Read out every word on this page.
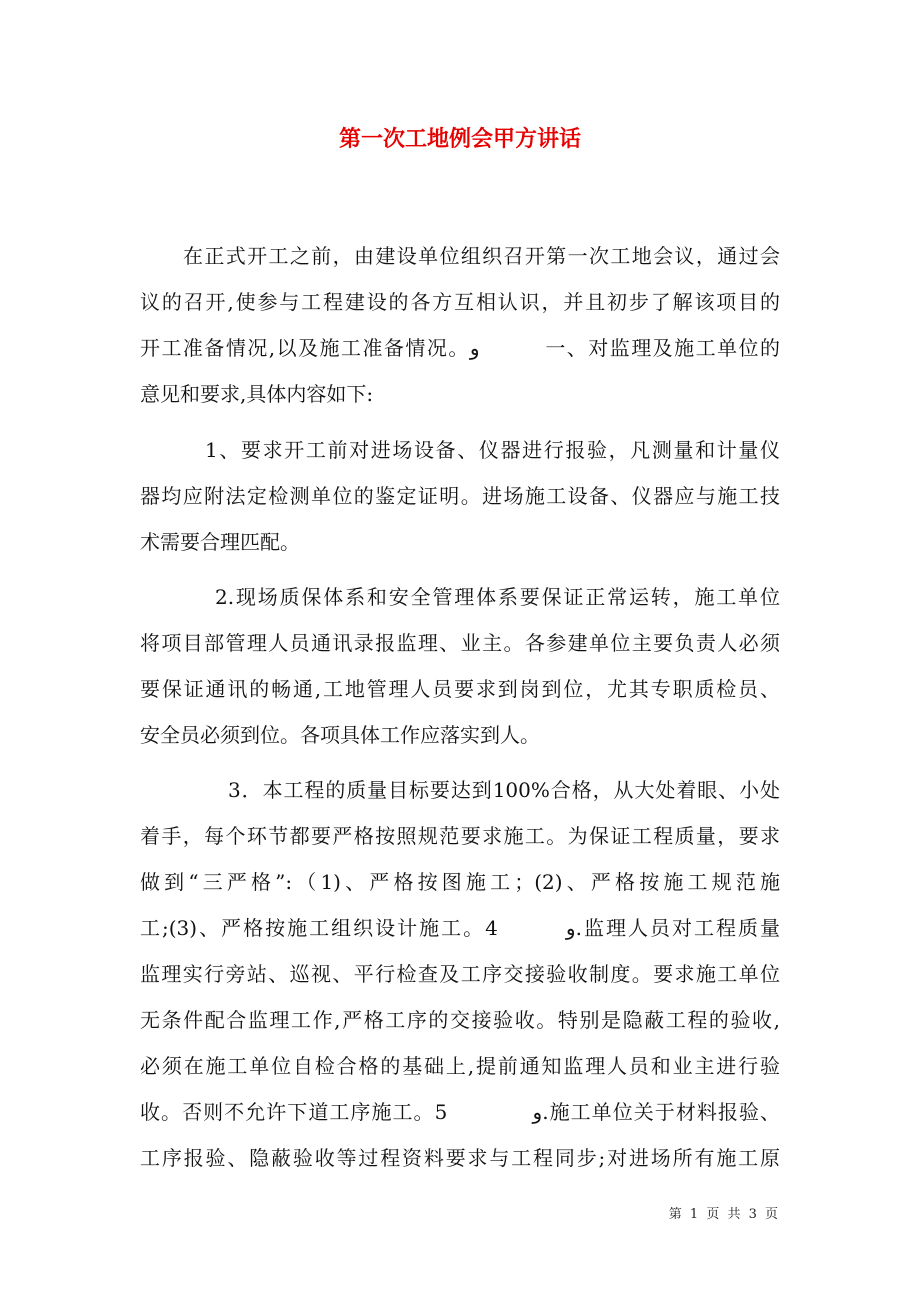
第一次工地例会甲方讲话
在正式开工之前，由建设单位组织召开第一次工地会议，通过会
议的召开,使参与工程建设的各方互相认识，并且初步了解该项目的
开工准备情况,以及施工准备情况。و　　　一、对监理及施工单位的
意见和要求,具体内容如下:
1、要求开工前对进场设备、仪器进行报验，凡测量和计量仪
器均应附法定检测单位的鉴定证明。进场施工设备、仪器应与施工技
术需要合理匹配。
2.现场质保体系和安全管理体系要保证正常运转，施工单位
将项目部管理人员通讯录报监理、业主。各参建单位主要负责人必须
要保证通讯的畅通,工地管理人员要求到岗到位，尤其专职质检员、
安全员必须到位。各项具体工作应落实到人。
3．本工程的质量目标要达到100%合格，从大处着眼、小处
着手，每个环节都要严格按照规范要求施工。为保证工程质量，要求
做到“三严格”:（1)、严格按图施工；(2)、严格按施工规范施
工;(3)、严格按施工组织设计施工。4　　　و.监理人员对工程质量
监理实行旁站、巡视、平行检查及工序交接验收制度。要求施工单位
无条件配合监理工作,严格工序的交接验收。特别是隐蔽工程的验收,
必须在施工单位自检合格的基础上,提前通知监理人员和业主进行验
收。否则不允许下道工序施工。5　　　　و.施工单位关于材料报验、
工序报验、隐蔽验收等过程资料要求与工程同步;对进场所有施工原
第 1 页 共 3 页
